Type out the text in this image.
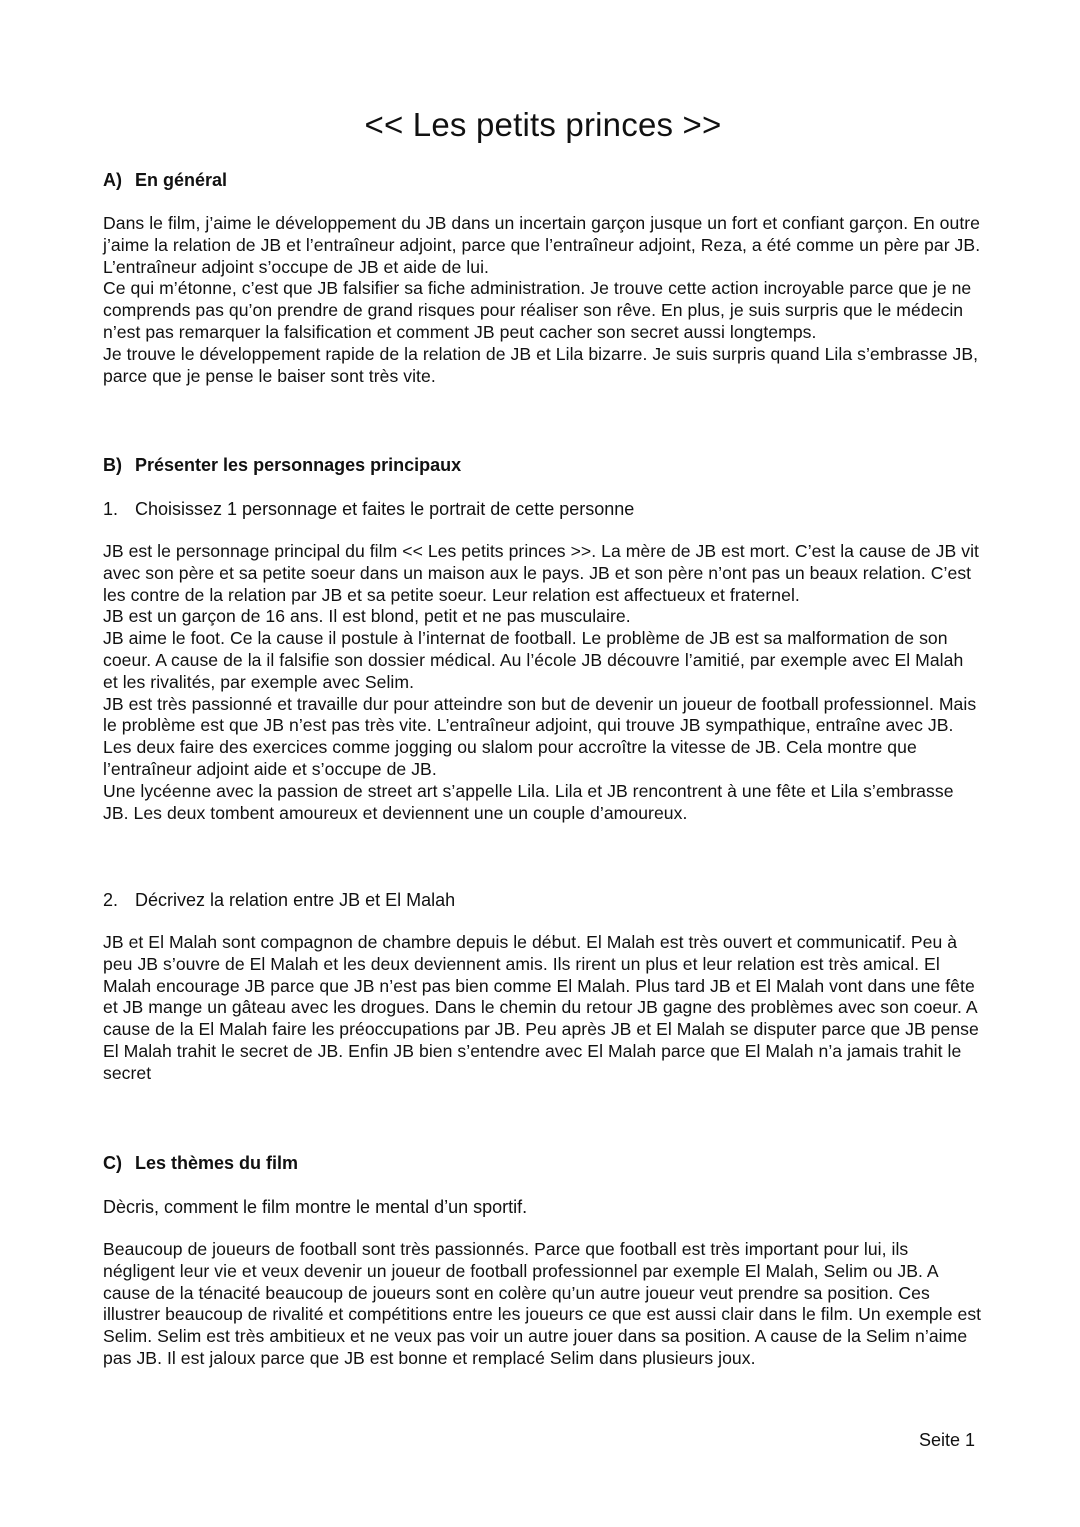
<< Les petits princes >>
A) En général

Dans le film, j’aime le développement du JB dans un incertain garçon jusque un fort et confiant garçon. En outre j’aime la relation de JB et l’entraîneur adjoint, parce que l’entraîneur adjoint, Reza, a été comme un père par JB. L’entraîneur adjoint s’occupe de JB et aide de lui.

Ce qui m’étonne, c’est que JB falsifier sa fiche administration. Je trouve cette action incroyable parce que je ne comprends pas qu’on prendre de grand risques pour réaliser son rêve. En plus, je suis surpris que le médecin n’est pas remarquer la falsification et comment JB peut cacher son secret aussi longtemps.

Je trouve le développement rapide de la relation de JB et Lila bizarre. Je suis surpris quand Lila s’embrasse JB, parce que je pense le baiser sont très vite.

B) Présenter les personnages principaux
1. Choisissez 1 personnage et faites le portrait de cette personne

JB est le personnage principal du film << Les petits princes >>. La mère de JB est mort. C’est la cause de JB vit avec son père et sa petite soeur dans un maison aux le pays. JB et son père n’ont pas un beaux relation. C’est les contre de la relation par JB et sa petite soeur. Leur relation est affectueux et fraternel.

JB est un garçon de 16 ans. Il est blond, petit et ne pas musculaire.

JB aime le foot. Ce la cause il postule à l’internat de football. Le problème de JB est sa malformation de son coeur. A cause de la il falsifie son dossier médical. Au l’école JB découvre l’amitié, par exemple avec El Malah et les rivalités, par exemple avec Selim.

JB est très passionné et travaille dur pour atteindre son but de devenir un joueur de football professionnel. Mais le problème est que JB n’est pas très vite. L’entraîneur adjoint, qui trouve JB sympathique, entraîne avec JB. Les deux faire des exercices comme jogging ou slalom pour accroître la vitesse de JB. Cela montre que l’entraîneur adjoint aide et s’occupe de JB.

Une lycéenne avec la passion de street art s’appelle Lila. Lila et JB rencontrent à une fête et Lila s’embrasse JB. Les deux tombent amoureux et deviennent une un couple d’amoureux.

2. Décrivez la relation entre JB et El Malah

JB et El Malah sont compagnon de chambre depuis le début. El Malah est très ouvert et communicatif. Peu à peu JB s’ouvre de El Malah et les deux deviennent amis. Ils rirent un plus et leur relation est très amical. El Malah encourage JB parce que JB n’est pas bien comme El Malah. Plus tard JB et El Malah vont dans une fête et JB mange un gâteau avec les drogues. Dans le chemin du retour JB gagne des problèmes avec son coeur. A cause de la El Malah faire les préoccupations par JB. Peu après JB et El Malah se disputer parce que JB pense El Malah trahit le secret de JB. Enfin JB bien s’entendre avec El Malah parce que El Malah n’a jamais trahit le secret

C) Les thèmes du film
Dècris, comment le film montre le mental d’un sportif.

Beaucoup de joueurs de football sont très passionnés. Parce que football est très important pour lui, ils négligent leur vie et veux devenir un joueur de football professionnel par exemple El Malah, Selim ou JB. A cause de la ténacité beaucoup de joueurs sont en colère qu’un autre joueur veut prendre sa position. Ces illustrer beaucoup de rivalité et compétitions entre les joueurs ce que est aussi clair dans le film. Un exemple est Selim. Selim est très ambitieux et ne veux pas voir un autre jouer dans sa position. A cause de la Selim n’aime pas JB. Il est jaloux parce que JB est bonne et remplacé Selim dans plusieurs joux.

Seite 1
